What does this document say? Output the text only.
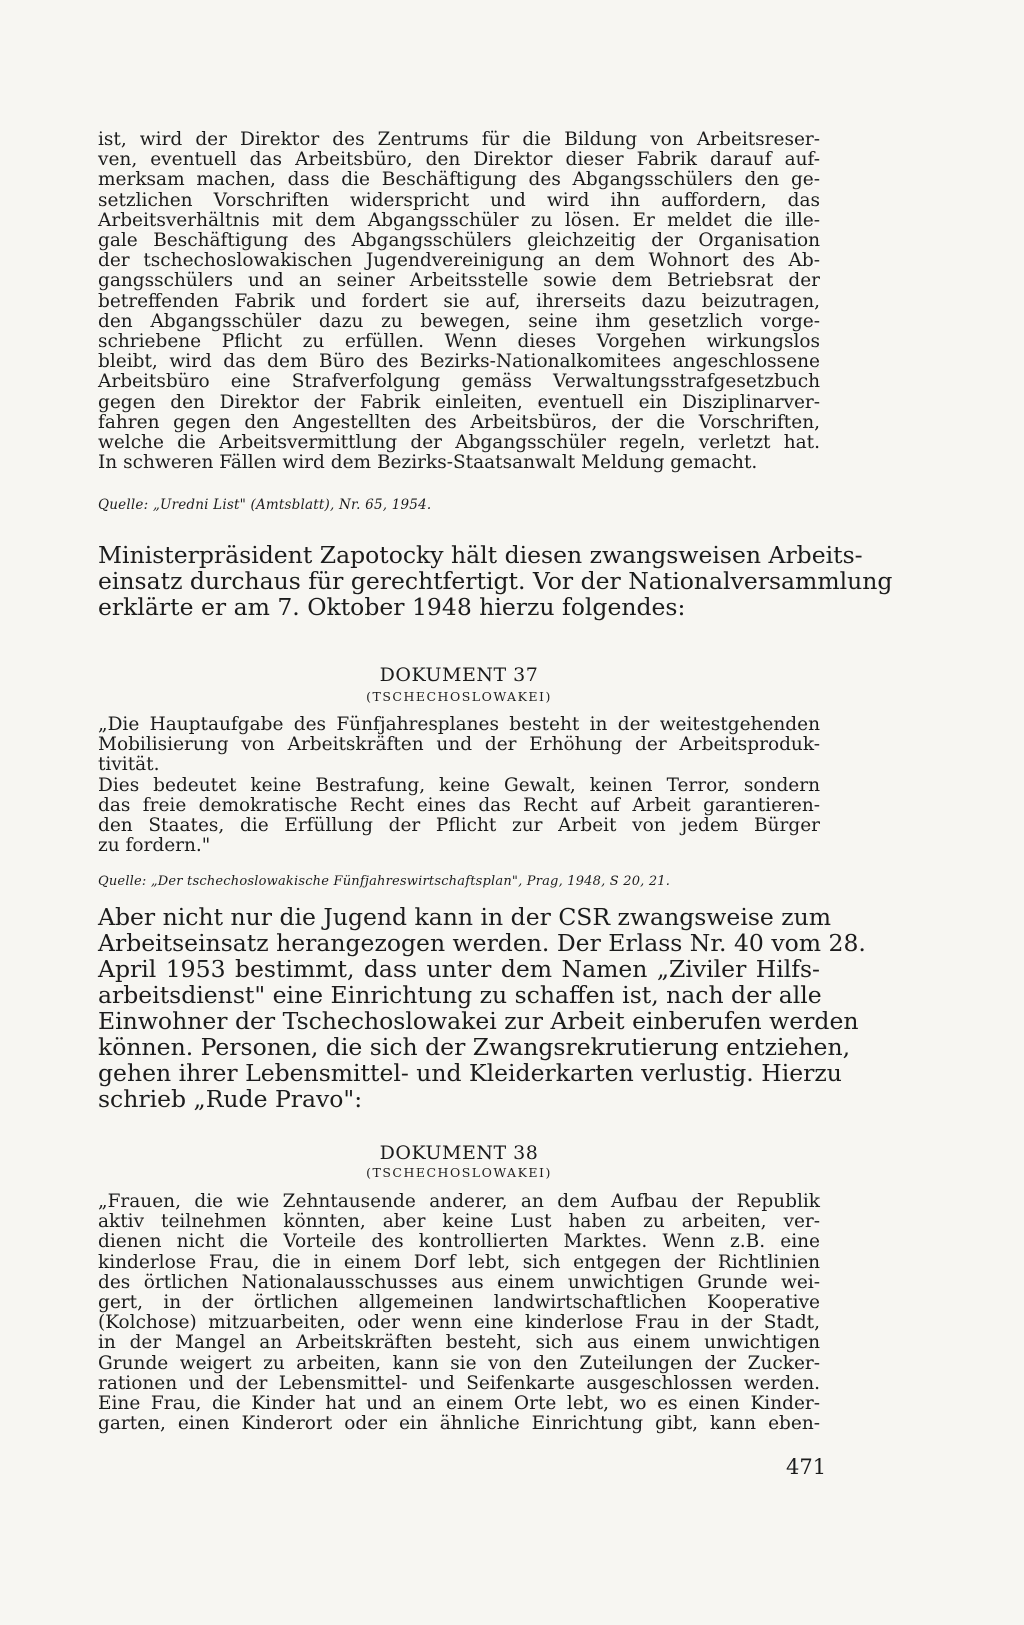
ist, wird der Direktor des Zentrums für die Bildung von Arbeitsreser-
ven, eventuell das Arbeitsbüro, den Direktor dieser Fabrik darauf auf-
merksam machen, dass die Beschäftigung des Abgangsschülers den ge-
setzlichen Vorschriften widerspricht und wird ihn auffordern, das
Arbeitsverhältnis mit dem Abgangsschüler zu lösen. Er meldet die ille-
gale Beschäftigung des Abgangsschülers gleichzeitig der Organisation
der tschechoslowakischen Jugendvereinigung an dem Wohnort des Ab-
gangsschülers und an seiner Arbeitsstelle sowie dem Betriebsrat der
betreffenden Fabrik und fordert sie auf, ihrerseits dazu beizutragen,
den Abgangsschüler dazu zu bewegen, seine ihm gesetzlich vorge-
schriebene Pflicht zu erfüllen. Wenn dieses Vorgehen wirkungslos
bleibt, wird das dem Büro des Bezirks-Nationalkomitees angeschlossene
Arbeitsbüro eine Strafverfolgung gemäss Verwaltungsstrafgesetzbuch
gegen den Direktor der Fabrik einleiten, eventuell ein Disziplinarver-
fahren gegen den Angestellten des Arbeitsbüros, der die Vorschriften,
welche die Arbeitsvermittlung der Abgangsschüler regeln, verletzt hat.
In schweren Fällen wird dem Bezirks-Staatsanwalt Meldung gemacht.
Quelle: „Uredni List" (Amtsblatt), Nr. 65, 1954.
Ministerpräsident Zapotocky hält diesen zwangsweisen Arbeits-
einsatz durchaus für gerechtfertigt. Vor der Nationalversammlung
erklärte er am 7. Oktober 1948 hierzu folgendes:
DOKUMENT 37
(TSCHECHOSLOWAKEI)
„Die Hauptaufgabe des Fünfjahresplanes besteht in der weitestgehenden
Mobilisierung von Arbeitskräften und der Erhöhung der Arbeitsproduk-
tivität.
Dies bedeutet keine Bestrafung, keine Gewalt, keinen Terror, sondern
das freie demokratische Recht eines das Recht auf Arbeit garantieren-
den Staates, die Erfüllung der Pflicht zur Arbeit von jedem Bürger
zu fordern."
Quelle: „Der tschechoslowakische Fünfjahreswirtschaftsplan", Prag, 1948, S 20, 21.
Aber nicht nur die Jugend kann in der CSR zwangsweise zum
Arbeitseinsatz herangezogen werden. Der Erlass Nr. 40 vom 28.
April 1953 bestimmt, dass unter dem Namen „Ziviler Hilfs-
arbeitsdienst" eine Einrichtung zu schaffen ist, nach der alle
Einwohner der Tschechoslowakei zur Arbeit einberufen werden
können. Personen, die sich der Zwangsrekrutierung entziehen,
gehen ihrer Lebensmittel- und Kleiderkarten verlustig. Hierzu
schrieb „Rude Pravo":
DOKUMENT 38
(TSCHECHOSLOWAKEI)
„Frauen, die wie Zehntausende anderer, an dem Aufbau der Republik
aktiv teilnehmen könnten, aber keine Lust haben zu arbeiten, ver-
dienen nicht die Vorteile des kontrollierten Marktes. Wenn z.B. eine
kinderlose Frau, die in einem Dorf lebt, sich entgegen der Richtlinien
des örtlichen Nationalausschusses aus einem unwichtigen Grunde wei-
gert, in der örtlichen allgemeinen landwirtschaftlichen Kooperative
(Kolchose) mitzuarbeiten, oder wenn eine kinderlose Frau in der Stadt,
in der Mangel an Arbeitskräften besteht, sich aus einem unwichtigen
Grunde weigert zu arbeiten, kann sie von den Zuteilungen der Zucker-
rationen und der Lebensmittel- und Seifenkarte ausgeschlossen werden.
Eine Frau, die Kinder hat und an einem Orte lebt, wo es einen Kinder-
garten, einen Kinderort oder ein ähnliche Einrichtung gibt, kann eben-
471
